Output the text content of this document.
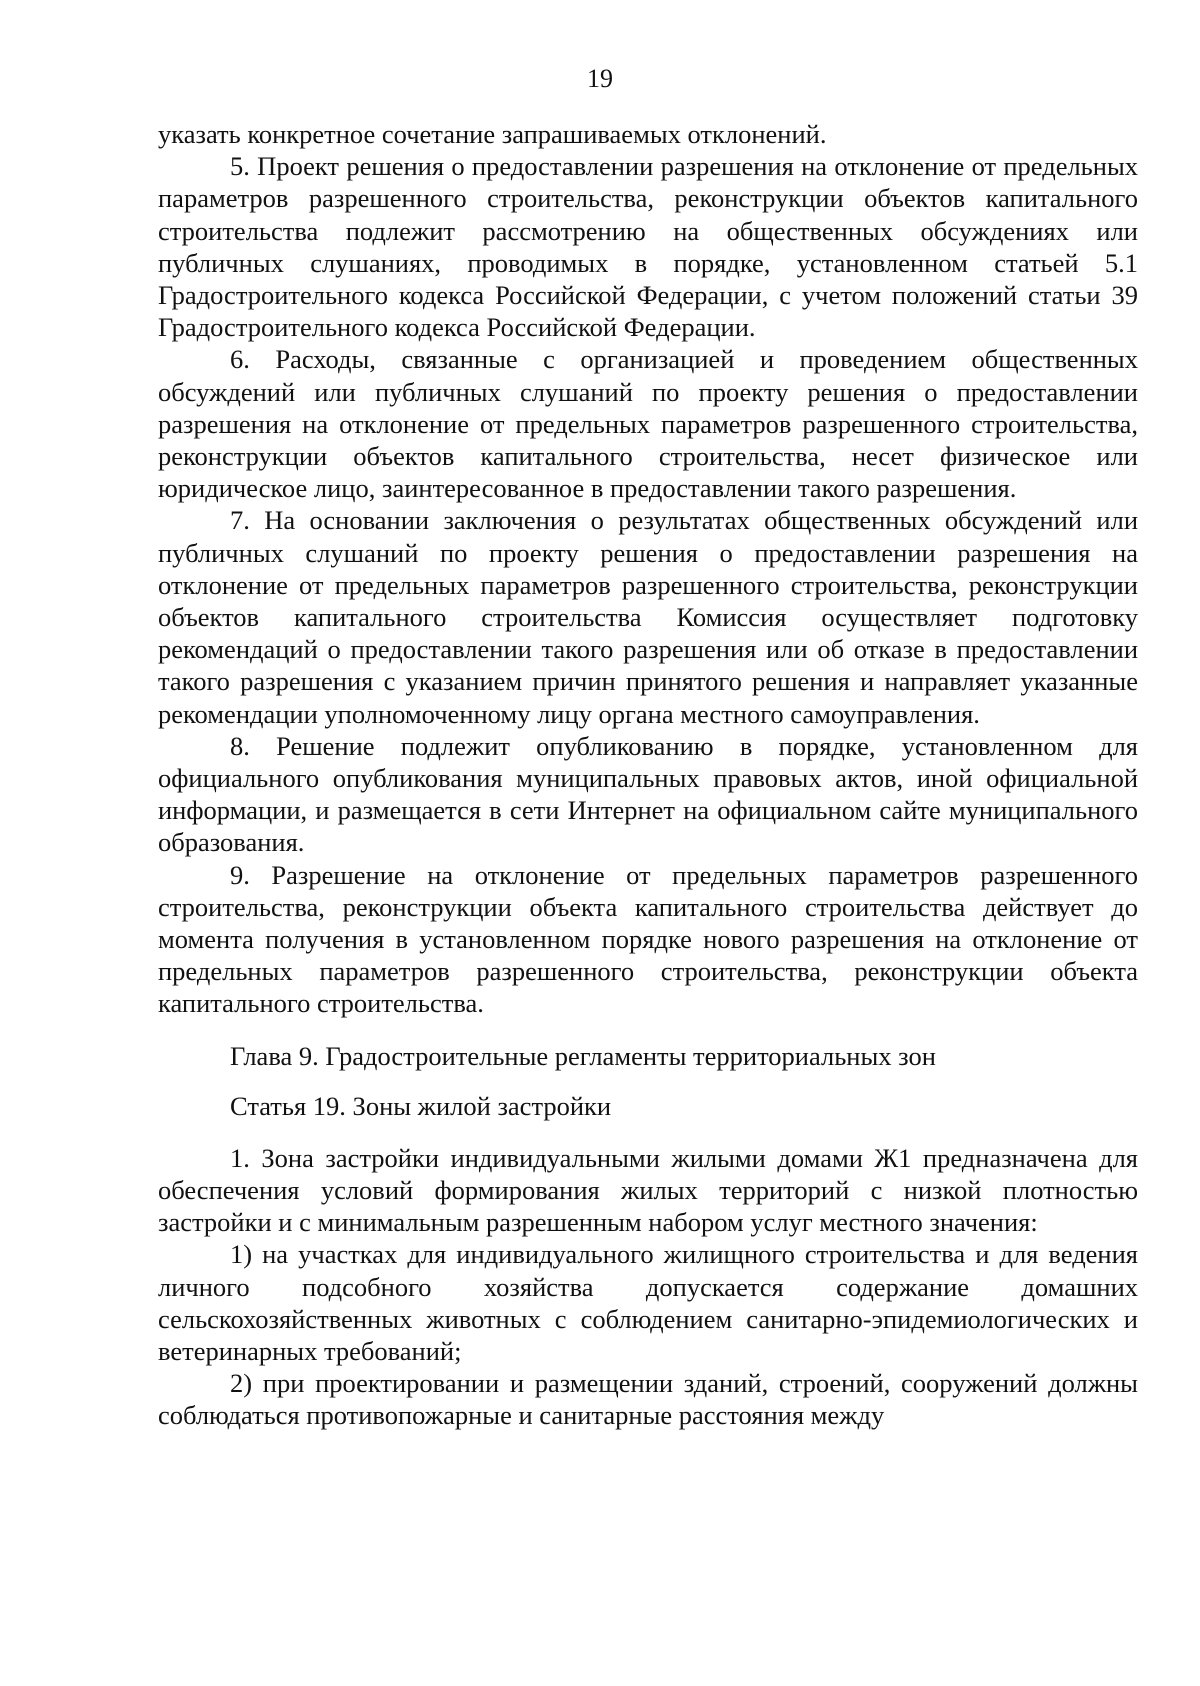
19

указать конкретное сочетание запрашиваемых отклонений.

5. Проект решения о предоставлении разрешения на отклонение от предельных параметров разрешенного строительства, реконструкции объектов капитального строительства подлежит рассмотрению на общественных обсуждениях или публичных слушаниях, проводимых в порядке, установленном статьей 5.1 Градостроительного кодекса Российской Федерации, с учетом положений статьи 39 Градостроительного кодекса Российской Федерации.

6. Расходы, связанные с организацией и проведением общественных обсуждений или публичных слушаний по проекту решения о предоставлении разрешения на отклонение от предельных параметров разрешенного строительства, реконструкции объектов капитального строительства, несет физическое или юридическое лицо, заинтересованное в предоставлении такого разрешения.

7. На основании заключения о результатах общественных обсуждений или публичных слушаний по проекту решения о предоставлении разрешения на отклонение от предельных параметров разрешенного строительства, реконструкции объектов капитального строительства Комиссия осуществляет подготовку рекомендаций о предоставлении такого разрешения или об отказе в предоставлении такого разрешения с указанием причин принятого решения и направляет указанные рекомендации уполномоченному лицу органа местного самоуправления.

8. Решение подлежит опубликованию в порядке, установленном для официального опубликования муниципальных правовых актов, иной официальной информации, и размещается в сети Интернет на официальном сайте муниципального образования.

9. Разрешение на отклонение от предельных параметров разрешенного строительства, реконструкции объекта капитального строительства действует до момента получения в установленном порядке нового разрешения на отклонение от предельных параметров разрешенного строительства, реконструкции объекта капитального строительства.

Глава 9. Градостроительные регламенты территориальных зон
Статья 19. Зоны жилой застройки

1. Зона застройки индивидуальными жилыми домами Ж1 предназначена для обеспечения условий формирования жилых территорий с низкой плотностью застройки и с минимальным разрешенным набором услуг местного значения:

1) на участках для индивидуального жилищного строительства и для ведения личного подсобного хозяйства допускается содержание домашних сельскохозяйственных животных с соблюдением санитарно-эпидемиологических и ветеринарных требований;

2) при проектировании и размещении зданий, строений, сооружений должны соблюдаться противопожарные и санитарные расстояния между
